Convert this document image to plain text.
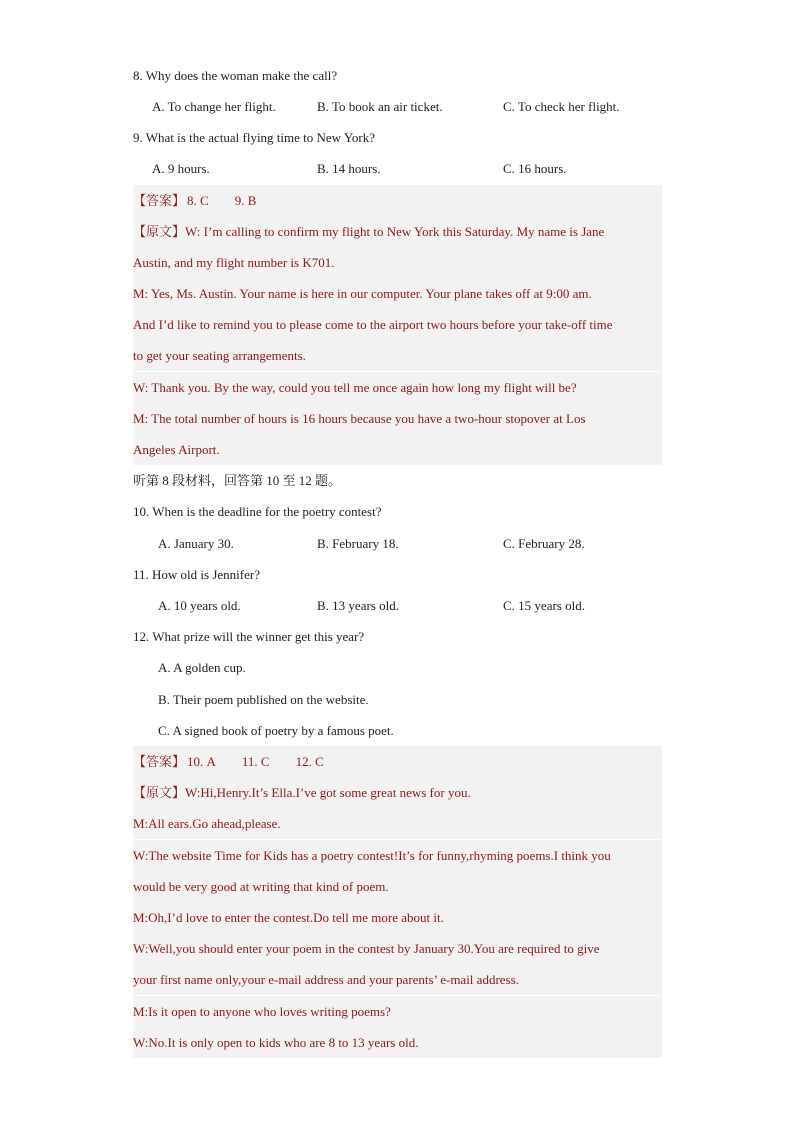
8. Why does the woman make the call?
A. To change her flight.	B. To book an air ticket.	C. To check her flight.
9. What is the actual flying time to New York?
A. 9 hours.	B. 14 hours.	C. 16 hours.
【答案】 8. C 9. B
【原文】W: I’m calling to confirm my flight to New York this Saturday. My name is Jane
Austin, and my flight number is K701.
M: Yes, Ms. Austin. Your name is here in our computer. Your plane takes off at 9:00 am.
And I’d like to remind you to please come to the airport two hours before your take-off time
to get your seating arrangements.
W: Thank you. By the way, could you tell me once again how long my flight will be?
M: The total number of hours is 16 hours because you have a two-hour stopover at Los
Angeles Airport.
听第 8 段材料，回答第 10 至 12 题。
10. When is the deadline for the poetry contest?
A. January 30.	B. February 18.	C. February 28.
11. How old is Jennifer?
A. 10 years old.	B. 13 years old.	C. 15 years old.
12. What prize will the winner get this year?
A. A golden cup.
B. Their poem published on the website.
C. A signed book of poetry by a famous poet.
【答案】 10. A 11. C 12. C
【原文】W:Hi,Henry.It’s Ella.I’ve got some great news for you.
M:All ears.Go ahead,please.
W:The website Time for Kids has a poetry contest!It’s for funny,rhyming poems.I think you
would be very good at writing that kind of poem.
M:Oh,I’d love to enter the contest.Do tell me more about it.
W:Well,you should enter your poem in the contest by January 30.You are required to give
your first name only,your e-mail address and your parents’ e-mail address.
M:Is it open to anyone who loves writing poems?
W:No.It is only open to kids who are 8 to 13 years old.
